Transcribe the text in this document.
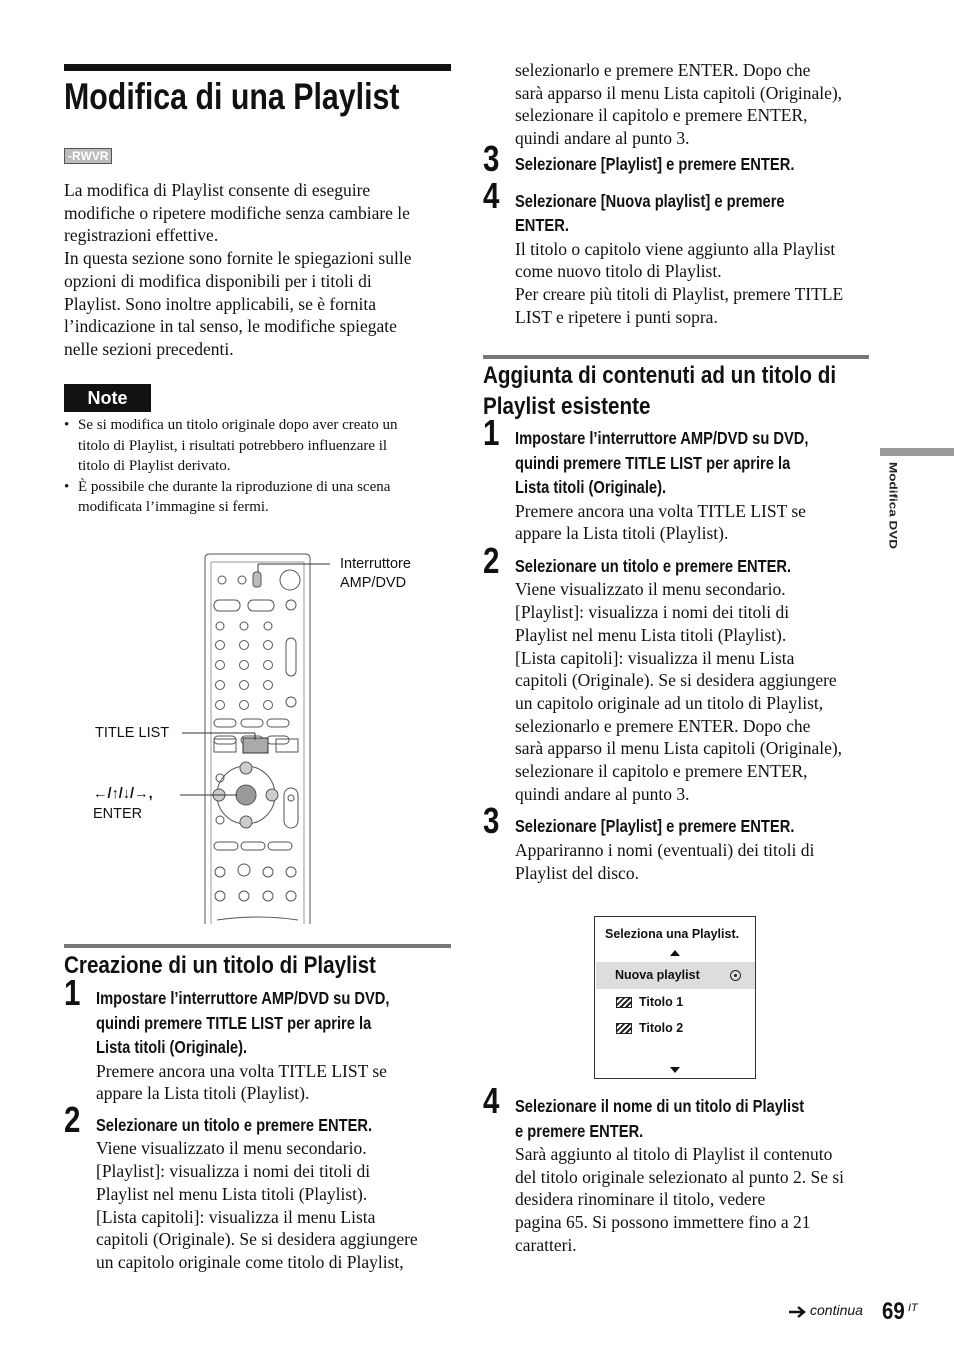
Modifica di una Playlist
-RWVR
La modifica di Playlist consente di eseguire
modifiche o ripetere modifiche senza cambiare le
registrazioni effettive.
In questa sezione sono fornite le spiegazioni sulle
opzioni di modifica disponibili per i titoli di
Playlist. Sono inoltre applicabili, se è fornita
l’indicazione in tal senso, le modifiche spiegate
nelle sezioni precedenti.
Note
• Se si modifica un titolo originale dopo aver creato un
titolo di Playlist, i risultati potrebbero influenzare il
titolo di Playlist derivato.
• È possibile che durante la riproduzione di una scena
modificata l’immagine si fermi.
Interruttore
AMP/DVD
TITLE LIST
←/↑/↓/→,
ENTER
Creazione di un titolo di Playlist
1 Impostare l’interruttore AMP/DVD su DVD,
quindi premere TITLE LIST per aprire la
Lista titoli (Originale).
Premere ancora una volta TITLE LIST se
appare la Lista titoli (Playlist).
2 Selezionare un titolo e premere ENTER.
Viene visualizzato il menu secondario.
[Playlist]: visualizza i nomi dei titoli di
Playlist nel menu Lista titoli (Playlist).
[Lista capitoli]: visualizza il menu Lista
capitoli (Originale). Se si desidera aggiungere
un capitolo originale come titolo di Playlist,
selezionarlo e premere ENTER. Dopo che
sarà apparso il menu Lista capitoli (Originale),
selezionare il capitolo e premere ENTER,
quindi andare al punto 3.
3 Selezionare [Playlist] e premere ENTER.
4 Selezionare [Nuova playlist] e premere
ENTER.
Il titolo o capitolo viene aggiunto alla Playlist
come nuovo titolo di Playlist.
Per creare più titoli di Playlist, premere TITLE
LIST e ripetere i punti sopra.
Aggiunta di contenuti ad un titolo di
Playlist esistente
1 Impostare l’interruttore AMP/DVD su DVD,
quindi premere TITLE LIST per aprire la
Lista titoli (Originale).
Premere ancora una volta TITLE LIST se
appare la Lista titoli (Playlist).
2 Selezionare un titolo e premere ENTER.
Viene visualizzato il menu secondario.
[Playlist]: visualizza i nomi dei titoli di
Playlist nel menu Lista titoli (Playlist).
[Lista capitoli]: visualizza il menu Lista
capitoli (Originale). Se si desidera aggiungere
un capitolo originale ad un titolo di Playlist,
selezionarlo e premere ENTER. Dopo che
sarà apparso il menu Lista capitoli (Originale),
selezionare il capitolo e premere ENTER,
quindi andare al punto 3.
3 Selezionare [Playlist] e premere ENTER.
Appariranno i nomi (eventuali) dei titoli di
Playlist del disco.
Seleziona una Playlist.
Nuova playlist
Titolo 1
Titolo 2
4 Selezionare il nome di un titolo di Playlist
e premere ENTER.
Sarà aggiunto al titolo di Playlist il contenuto
del titolo originale selezionato al punto 2. Se si
desidera rinominare il titolo, vedere
pagina 65. Si possono immettere fino a 21
caratteri.
Modifica DVD
continua 69 IT
